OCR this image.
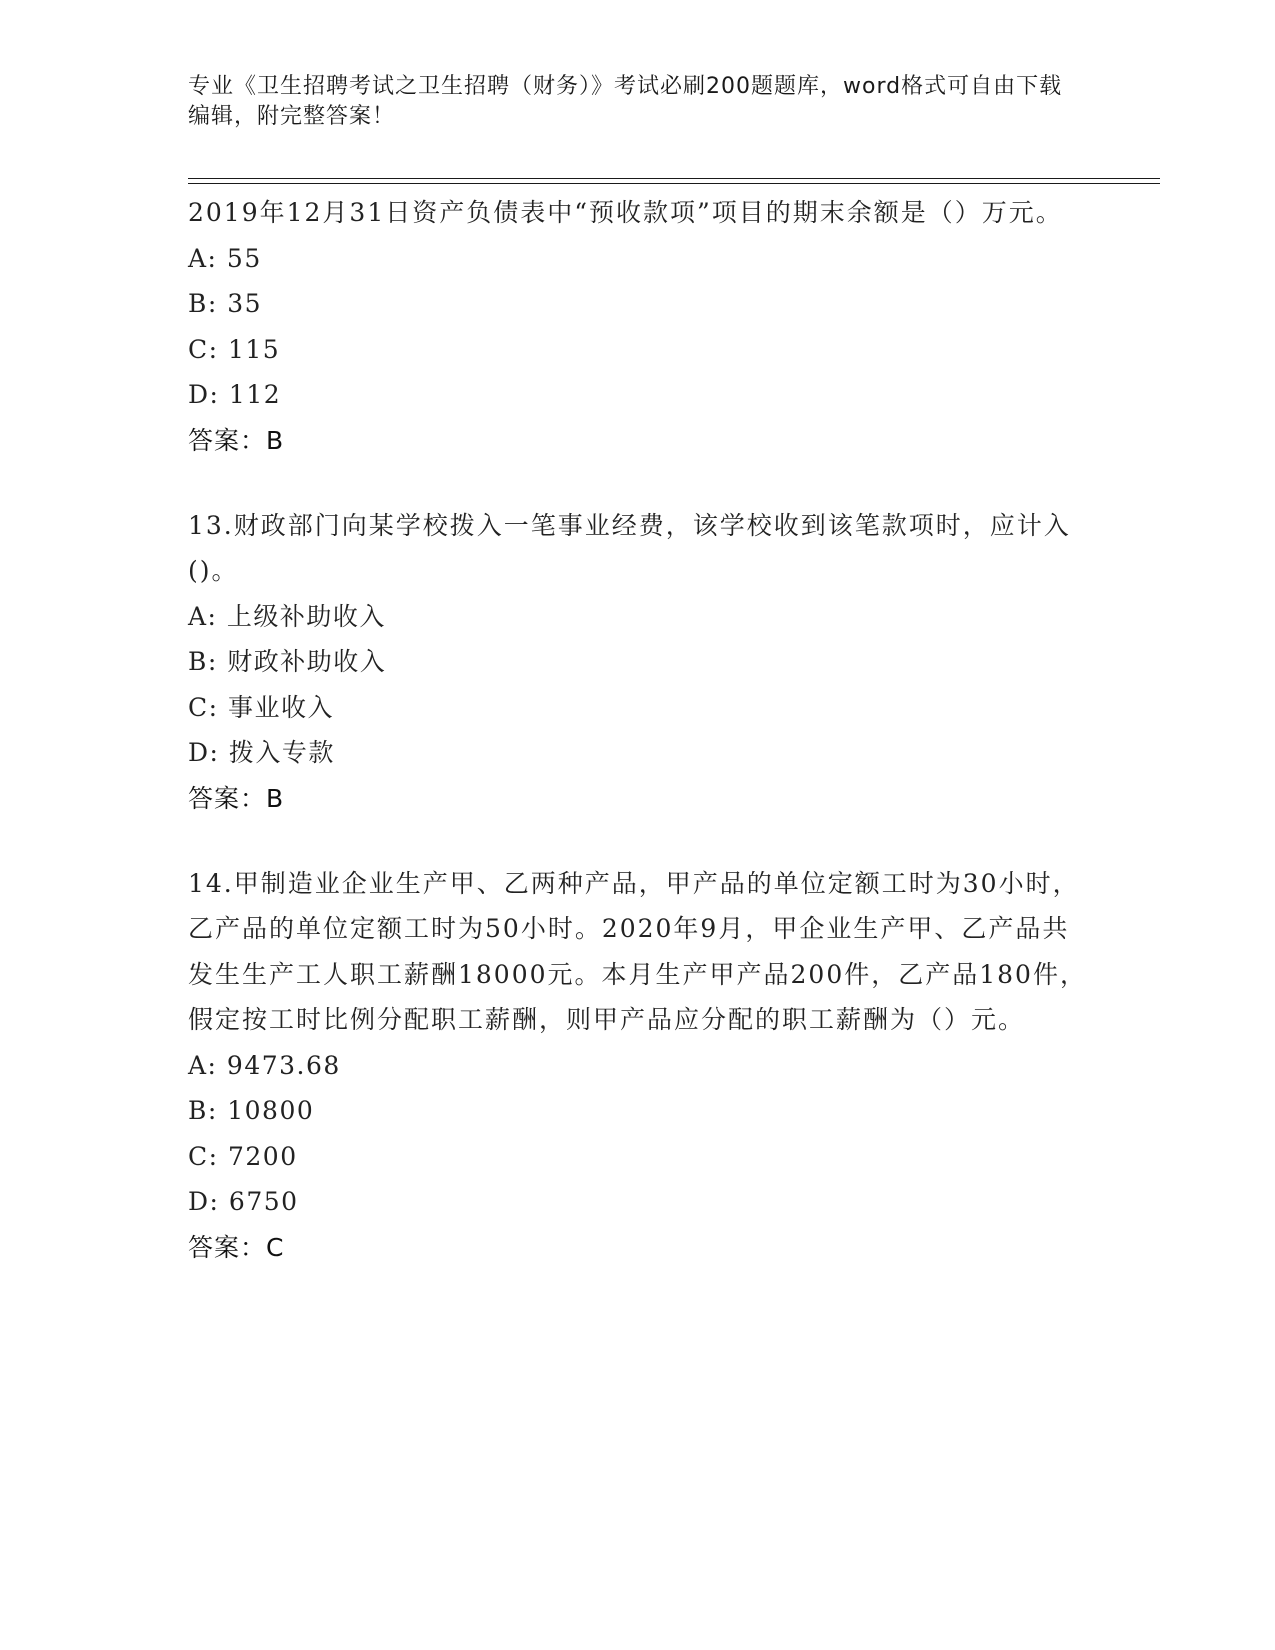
专业《卫生招聘考试之卫生招聘（财务）》考试必刷200题题库，word格式可自由下载编辑，附完整答案！

2019年12月31日资产负债表中“预收款项”项目的期末余额是（）万元。

A: 55
B: 35
C: 115
D: 112
答案：B

13.财政部门向某学校拨入一笔事业经费，该学校收到该笔款项时，应计入()。

A: 上级补助收入
B: 财政补助收入
C: 事业收入
D: 拨入专款
答案：B

14.甲制造业企业生产甲、乙两种产品，甲产品的单位定额工时为30小时，乙产品的单位定额工时为50小时。2020年9月，甲企业生产甲、乙产品共发生生产工人职工薪酬18000元。本月生产甲产品200件，乙产品180件，假定按工时比例分配职工薪酬，则甲产品应分配的职工薪酬为（）元。

A: 9473.68
B: 10800
C: 7200
D: 6750
答案：C
